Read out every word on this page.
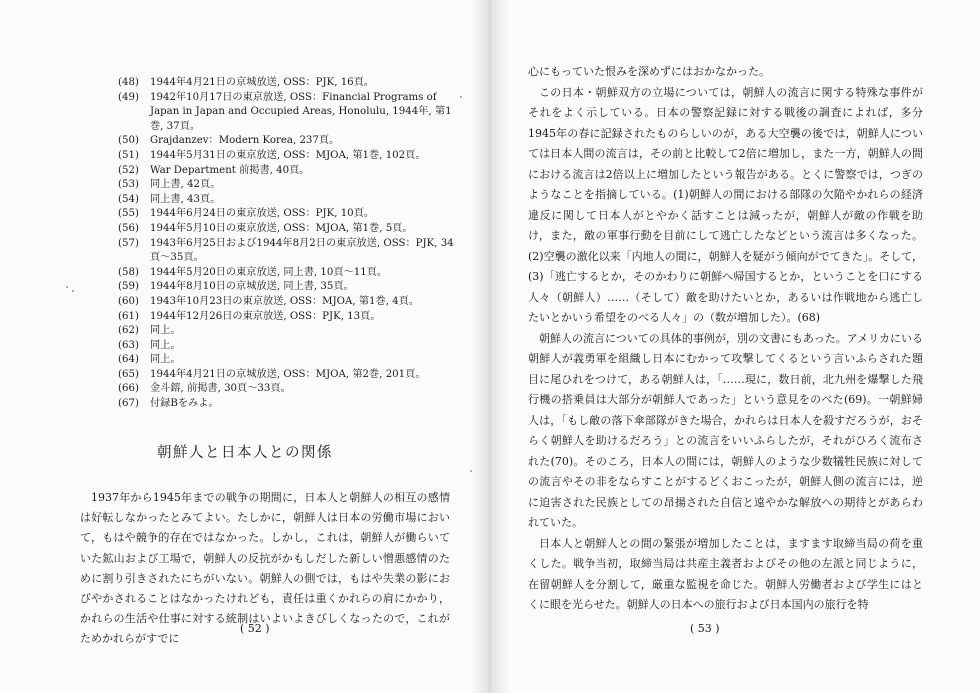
(48)	1944年4月21日の京城放送, OSS：PJK, 16頁。
(49)	1942年10月17日の東京放送, OSS：Financial Programs of Japan in Japan and Occupied Areas, Honolulu, 1944年, 第1巻, 37頁。
(50)	Grajdanzev：Modern Korea, 237頁。
(51)	1944年5月31日の東京放送, OSS：MJOA, 第1巻, 102頁。
(52)	War Department 前掲書, 40頁。
(53)	同上書, 42頁。
(54)	同上書, 43頁。
(55)	1944年6月24日の東京放送, OSS：PJK, 10頁。
(56)	1944年5月10日の東京放送, OSS：MJOA, 第1巻, 5頁。
(57)	1943年6月25日および1944年8月2日の東京放送, OSS：PJK, 34頁〜35頁。
(58)	1944年5月20日の東京放送, 同上書, 10頁〜11頁。
(59)	1944年8月10日の京城放送, 同上書, 35頁。
(60)	1943年10月23日の東京放送, OSS：MJOA, 第1巻, 4頁。
(61)	1944年12月26日の東京放送, OSS：PJK, 13頁。
(62)	同上。
(63)	同上。
(64)	同上。
(65)	1944年4月21日の京城放送, OSS：MJOA, 第2巻, 201頁。
(66)	金斗鎔, 前掲書, 30頁〜33頁。
(67)	付録Bをみよ。
朝鮮人と日本人との関係

1937年から1945年までの戦争の期間に，日本人と朝鮮人の相互の感情は好転しなかったとみてよい。たしかに，朝鮮人は日本の労働市場において，もはや競争的存在ではなかった。しかし，これは，朝鮮人が働らいていた鉱山および工場で，朝鮮人の反抗がかもしだした新しい憎悪感情のために割り引きされたにちがいない。朝鮮人の側では，もはや失業の影におびやかされることはなかったけれども，責任は重くかれらの肩にかかり，かれらの生活や仕事に対する統制はいよいよきびしくなったので，これがためかれらがすでに

( 52 )

心にもっていた恨みを深めずにはおかなかった。

この日本・朝鮮双方の立場については，朝鮮人の流言に関する特殊な事件がそれをよく示している。日本の警察記録に対する戦後の調査によれば，多分1945年の春に記録されたものらしいのが，ある大空襲の後では，朝鮮人については日本人間の流言は，その前と比較して2倍に増加し，また一方，朝鮮人の間における流言は2倍以上に増加したという報告がある。とくに警察では，つぎのようなことを指摘している。(1)朝鮮人の間における部隊の欠陥やかれらの経済違反に関して日本人がとやかく話すことは減ったが，朝鮮人が敵の作戦を助け，また，敵の軍事行動を目前にして逃亡したなどという流言は多くなった。(2)空襲の激化以来「内地人の間に，朝鮮人を疑がう傾向がでてきた」。そして，(3)「逃亡するとか，そのかわりに朝鮮へ帰国するとか，ということを口にする人々（朝鮮人）……（そして）敵を助けたいとか，あるいは作戦地から逃亡したいとかいう希望をのべる人々」の（数が増加した）。(68)

朝鮮人の流言についての具体的事例が，別の文書にもあった。アメリカにいる朝鮮人が義勇軍を組織し日本にむかって攻撃してくるという言いふらされた題目に尾ひれをつけて，ある朝鮮人は，「……現に，数日前，北九州を爆撃した飛行機の搭乗員は大部分が朝鮮人であった」という意見をのべた(69)。一朝鮮婦人は，「もし敵の落下傘部隊がきた場合，かれらは日本人を殺すだろうが，おそらく朝鮮人を助けるだろう」との流言をいいふらしたが，それがひろく流布された(70)。そのころ，日本人の間には，朝鮮人のような少数犠牲民族に対しての流言やその非をならすことがするどくおこったが，朝鮮人側の流言には，逆に迫害された民族としての昂揚された自信と遠やかな解放への期待とがあらわれていた。

日本人と朝鮮人との間の緊張が増加したことは，ますます取締当局の荷を重くした。戦争当初，取締当局は共産主義者およびその他の左派と同じように，在留朝鮮人を分割して，厳重な監視を命じた。朝鮮人労働者および学生にはとくに眼を光らせた。朝鮮人の日本への旅行および日本国内の旅行を特

( 53 )
